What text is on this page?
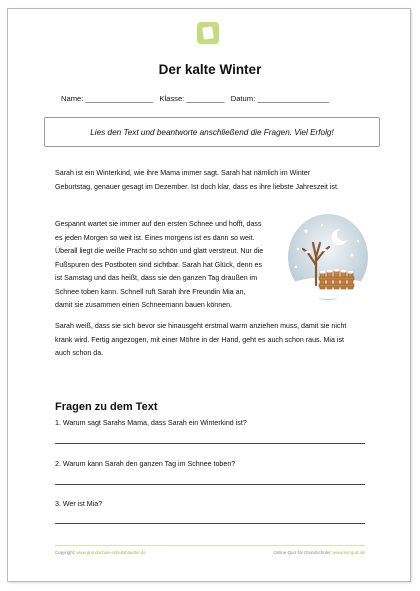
Der kalte Winter
Name: ________________   Klasse: _________   Datum: _________________
Lies den Text und beantworte anschließend die Fragen. Viel Erfolg!

Sarah ist ein Winterkind, wie ihre Mama immer sagt. Sarah hat nämlich im Winter

Geburtstag, genauer gesagt im Dezember. Ist doch klar, dass es ihre liebste Jahreszeit ist.

Gespannt wartet sie immer auf den ersten Schnee und hofft, dass

es jeden Morgen so weit ist. Eines morgens ist es dann so weit.

Überall liegt die weiße Pracht so schön und glatt verstreut. Nur die

Fußspuren des Postboten sind sichtbar. Sarah hat Glück, denn es

ist Samstag und das heißt, dass sie den ganzen Tag draußen im

Schnee toben kann. Schnell ruft Sarah ihre Freundin Mia an,

damit sie zusammen einen Schneemann bauen können.

Sarah weiß, dass sie sich bevor sie hinausgeht erstmal warm anziehen muss, damit sie nicht

krank wird. Fertig angezogen, mit einer Möhre in der Hand, geht es auch schon raus. Mia ist

auch schon da.

Fragen zu dem Text
1. Warum sagt Sarahs Mama, dass Sarah ein Winterkind ist?
2. Warum kann Sarah den ganzen Tag im Schnee toben?
3. Wer ist Mia?
Copyright: www.grundschule-arbeitsblaetter.de	Online-Quiz für Grundschüler: www.lernquiz.de
